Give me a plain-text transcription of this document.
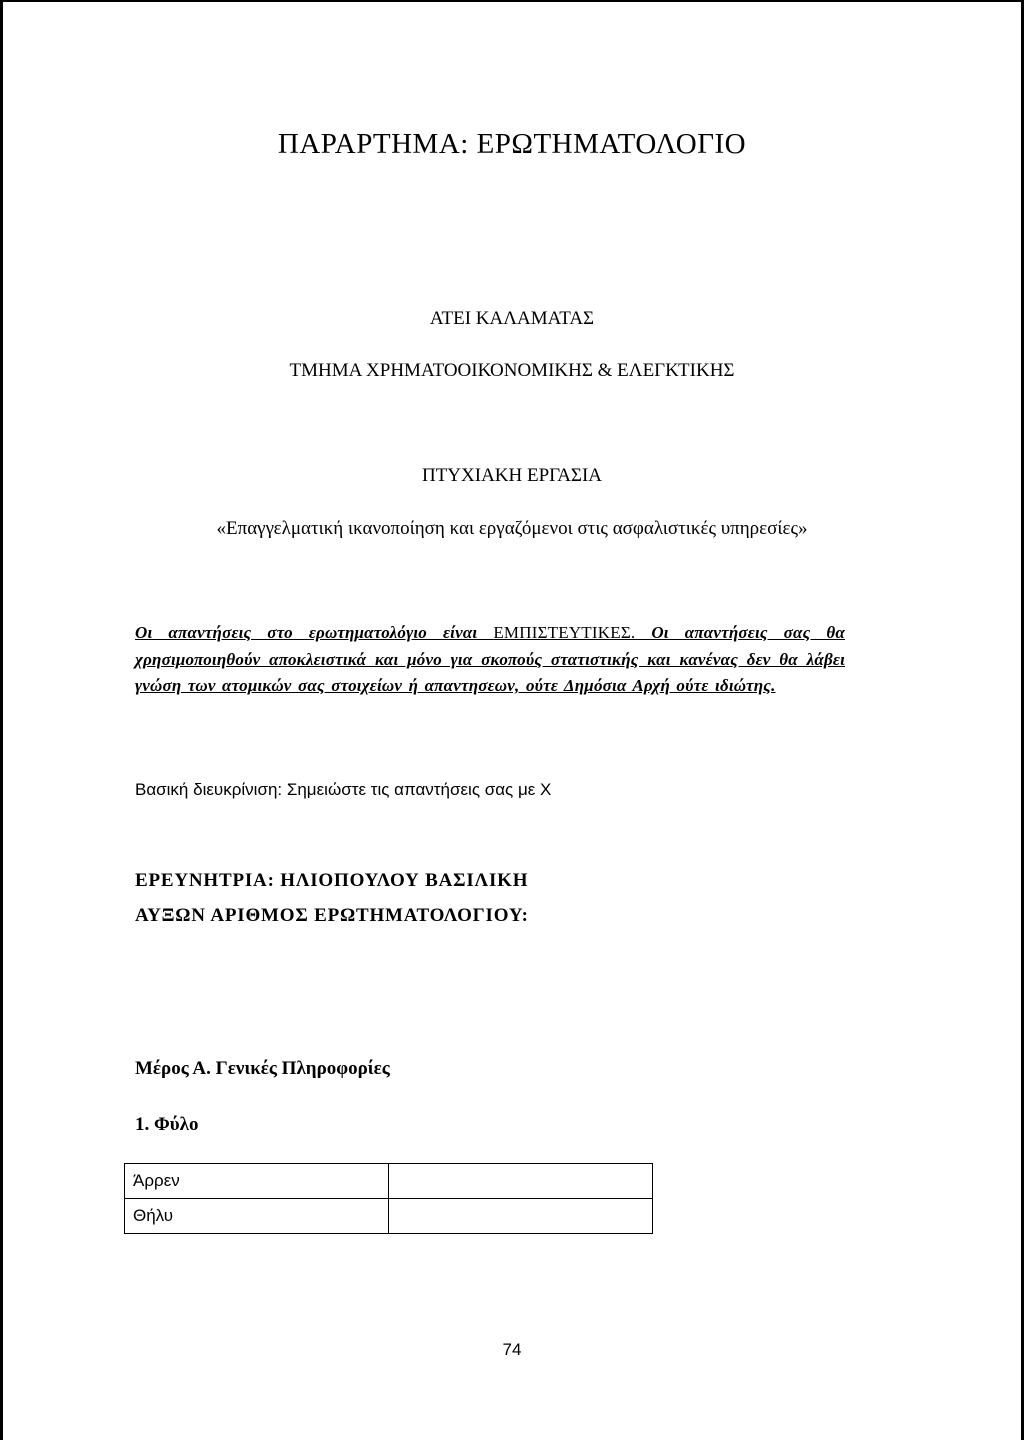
ΠΑΡΑΡΤΗΜΑ: ΕΡΩΤΗΜΑΤΟΛΟΓΙΟ
ΑΤΕΙ ΚΑΛΑΜΑΤΑΣ
ΤΜΗΜΑ ΧΡΗΜΑΤΟΟΙΚΟΝΟΜΙΚΗΣ & ΕΛΕΓΚΤΙΚΗΣ
ΠΤΥΧΙΑΚΗ ΕΡΓΑΣΙΑ
«Επαγγελματική ικανοποίηση και εργαζόμενοι στις ασφαλιστικές υπηρεσίες»
Οι απαντήσεις στο ερωτηματολόγιο είναι ΕΜΠΙΣΤΕΥΤΙΚΕΣ. Οι απαντήσεις σας θα χρησιμοποιηθούν αποκλειστικά και μόνο για σκοπούς στατιστικής και κανένας δεν θα λάβει γνώση των ατομικών σας στοιχείων ή απαντησεων, ούτε Δημόσια Αρχή ούτε ιδιώτης.
Βασική διευκρίνιση: Σημειώστε τις απαντήσεις σας με Χ
ΕΡΕΥΝΗΤΡΙΑ: ΗΛΙΟΠΟΥΛΟΥ ΒΑΣΙΛΙΚΗ
ΑΥΞΩΝ ΑΡΙΘΜΟΣ ΕΡΩΤΗΜΑΤΟΛΟΓΙΟΥ:
Μέρος Α. Γενικές Πληροφορίες
1. Φύλο
Άρρεν	
Θήλυ	
74
